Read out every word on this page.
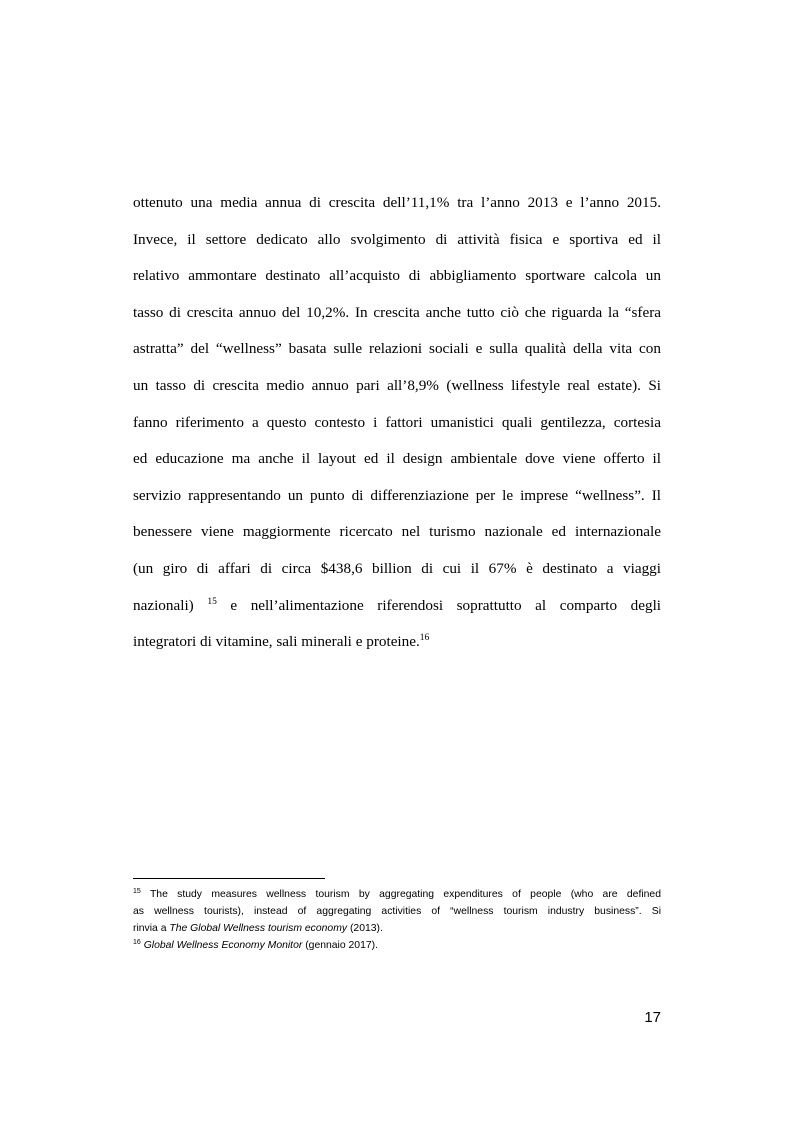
ottenuto una media annua di crescita dell’11,1% tra l’anno 2013 e l’anno 2015.
Invece, il settore dedicato allo svolgimento di attività fisica e sportiva ed il
relativo ammontare destinato all’acquisto di abbigliamento sportware calcola un
tasso di crescita annuo del 10,2%. In crescita anche tutto ciò che riguarda la “sfera
astratta” del “wellness” basata sulle relazioni sociali e sulla qualità della vita con
un tasso di crescita medio annuo pari all’8,9% (wellness lifestyle real estate). Si
fanno riferimento a questo contesto i fattori umanistici quali gentilezza, cortesia
ed educazione ma anche il layout ed il design ambientale dove viene offerto il
servizio rappresentando un punto di differenziazione per le imprese “wellness”. Il
benessere viene maggiormente ricercato nel turismo nazionale ed internazionale
(un giro di affari di circa $438,6 billion di cui il 67% è destinato a viaggi
nazionali) $^{15}$ e nell’alimentazione riferendosi soprattutto al comparto degli
integratori di vitamine, sali minerali e proteine.$^{16}$
$^{15}$ The study measures wellness tourism by aggregating expenditures of people (who are defined
as wellness tourists), instead of aggregating activities of “wellness tourism industry business”. Si
rinvia a The Global Wellness tourism economy (2013).
$^{16}$ Global Wellness Economy Monitor (gennaio 2017).
17
